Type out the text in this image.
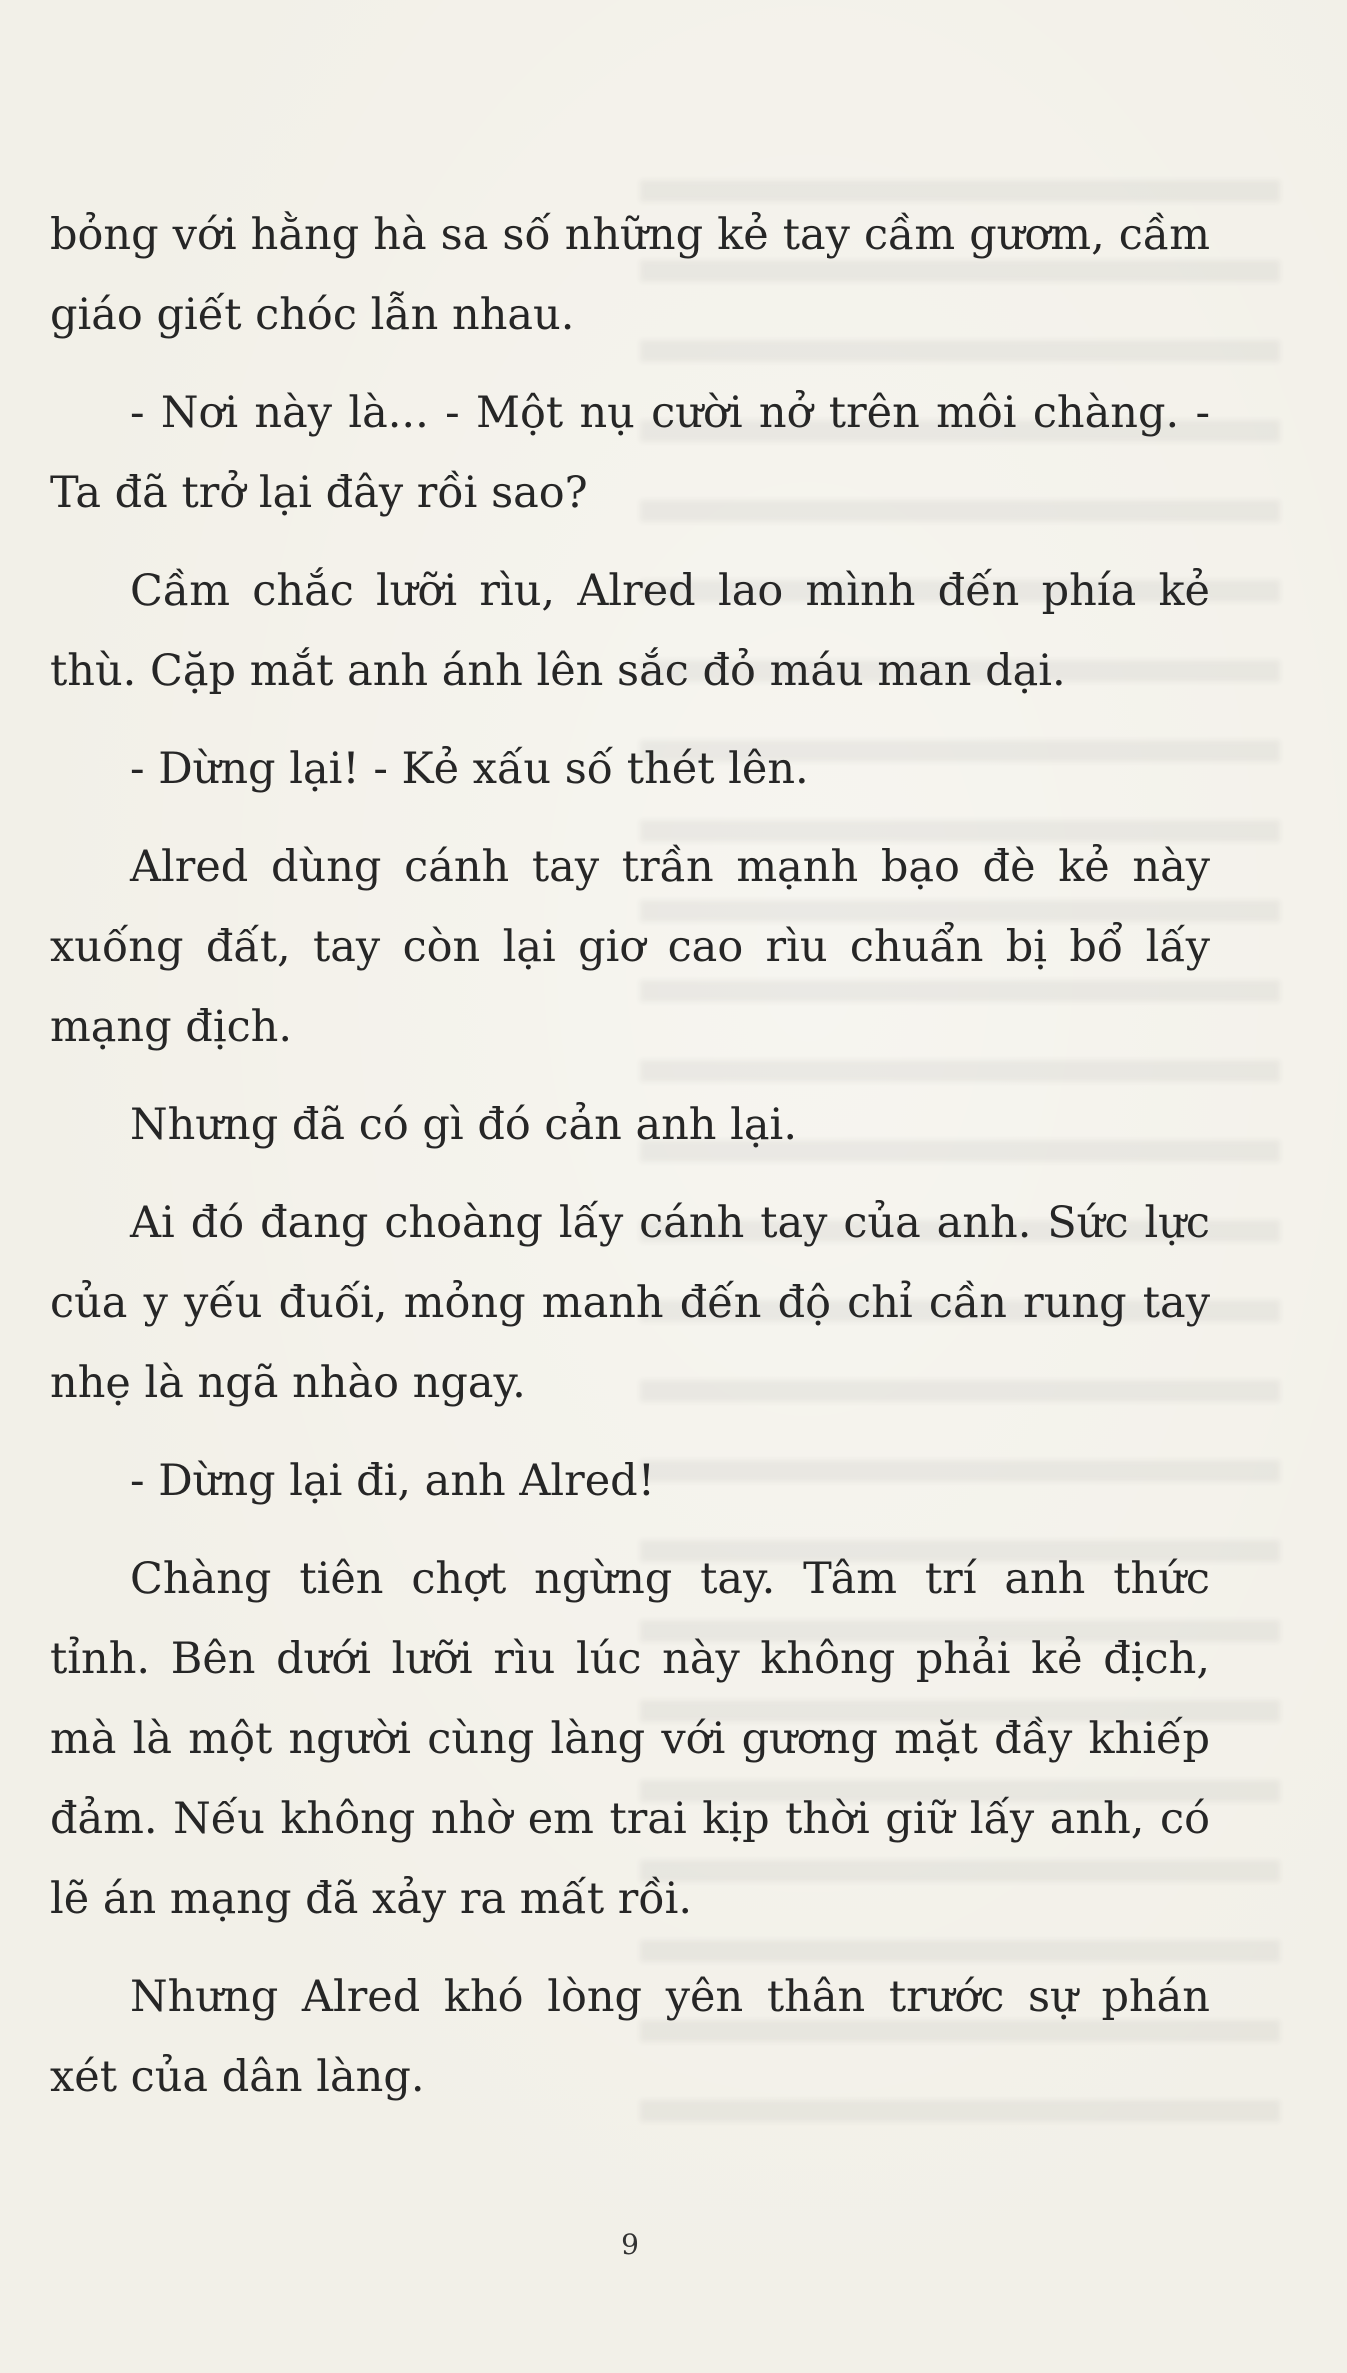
bỏng với hằng hà sa số những kẻ tay cầm gươm, cầm giáo giết chóc lẫn nhau.

- Nơi này là... - Một nụ cười nở trên môi chàng. - Ta đã trở lại đây rồi sao?

Cầm chắc lưỡi rìu, Alred lao mình đến phía kẻ thù. Cặp mắt anh ánh lên sắc đỏ máu man dại.

- Dừng lại! - Kẻ xấu số thét lên.

Alred dùng cánh tay trần mạnh bạo đè kẻ này xuống đất, tay còn lại giơ cao rìu chuẩn bị bổ lấy mạng địch.

Nhưng đã có gì đó cản anh lại.

Ai đó đang choàng lấy cánh tay của anh. Sức lực của y yếu đuối, mỏng manh đến độ chỉ cần rung tay nhẹ là ngã nhào ngay.

- Dừng lại đi, anh Alred!

Chàng tiên chợt ngừng tay. Tâm trí anh thức tỉnh. Bên dưới lưỡi rìu lúc này không phải kẻ địch, mà là một người cùng làng với gương mặt đầy khiếp đảm. Nếu không nhờ em trai kịp thời giữ lấy anh, có lẽ án mạng đã xảy ra mất rồi.

Nhưng Alred khó lòng yên thân trước sự phán xét của dân làng.

9
